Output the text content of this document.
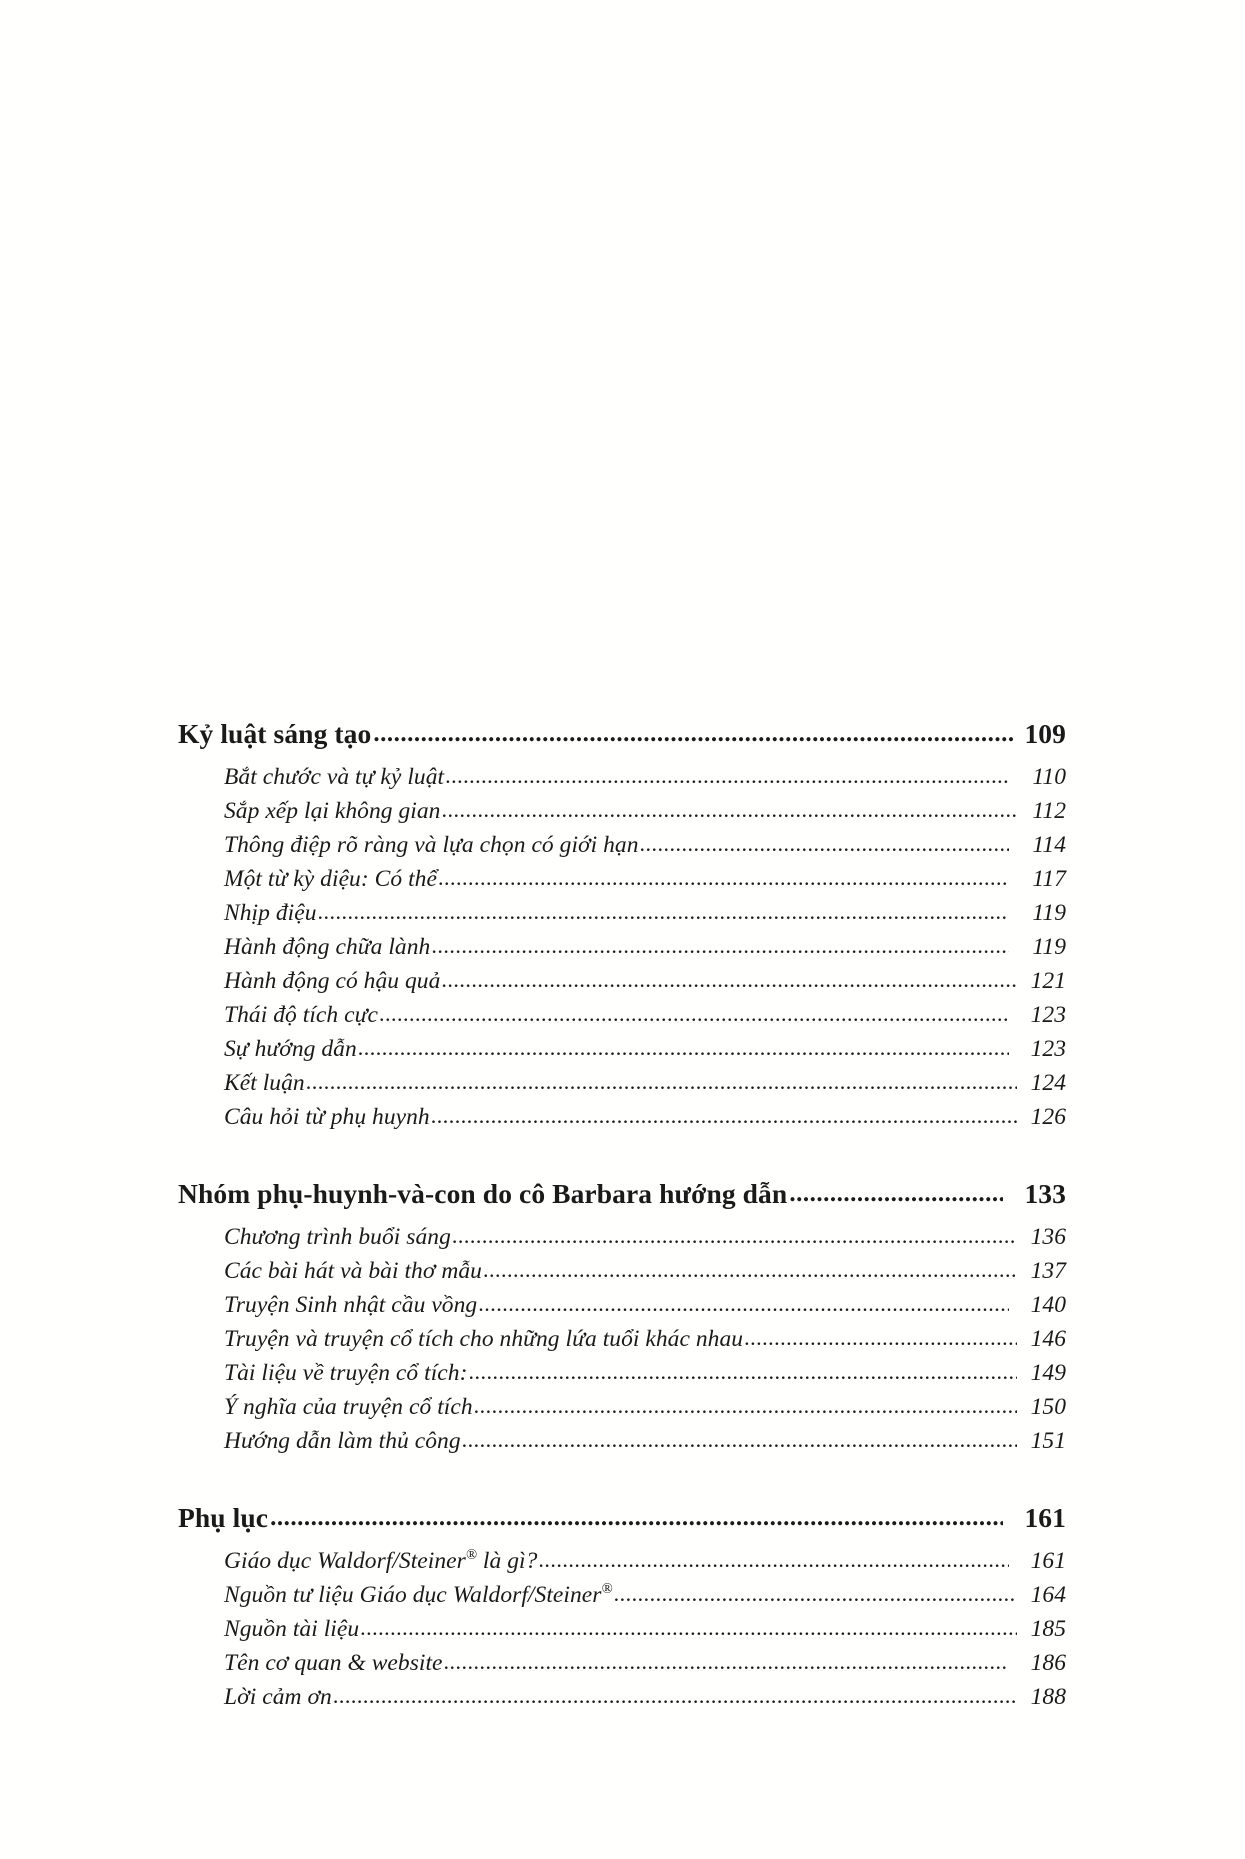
Kỷ luật sáng tạo .....	109
Bắt chước và tự kỷ luật .....	110
Sắp xếp lại không gian .....	112
Thông điệp rõ ràng và lựa chọn có giới hạn .....	114
Một từ kỳ diệu: Có thể .....	117
Nhịp điệu .....	119
Hành động chữa lành .....	119
Hành động có hậu quả .....	121
Thái độ tích cực .....	123
Sự hướng dẫn .....	123
Kết luận .....	124
Câu hỏi từ phụ huynh .....	126
Nhóm phụ-huynh-và-con do cô Barbara hướng dẫn .....	133
Chương trình buổi sáng .....	136
Các bài hát và bài thơ mẫu .....	137
Truyện Sinh nhật cầu vồng .....	140
Truyện và truyện cổ tích cho những lứa tuổi khác nhau .....	146
Tài liệu về truyện cổ tích: .....	149
Ý nghĩa của truyện cổ tích .....	150
Hướng dẫn làm thủ công .....	151
Phụ lục .....	161
Giáo dục Waldorf/Steiner® là gì? .....	161
Nguồn tư liệu Giáo dục Waldorf/Steiner® .....	164
Nguồn tài liệu .....	185
Tên cơ quan & website .....	186
Lời cảm ơn .....	188
